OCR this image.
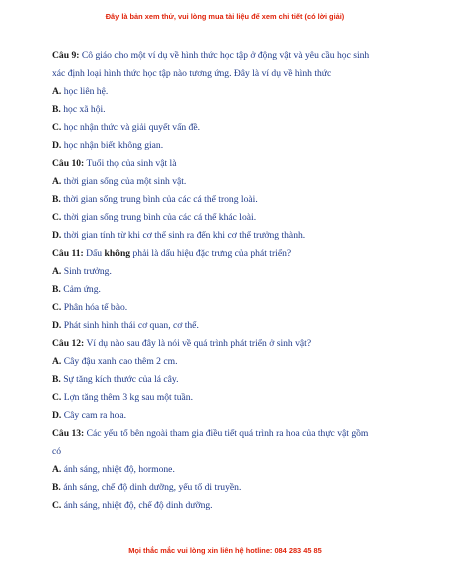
Đây là bản xem thử, vui lòng mua tài liệu để xem chi tiết (có lời giải)
Câu 9: Cô giáo cho một ví dụ về hình thức học tập ở động vật và yêu cầu học sinh
xác định loại hình thức học tập nào tương ứng. Đây là ví dụ về hình thức
A. học liên hệ.
B. học xã hội.
C. học nhận thức và giải quyết vấn đề.
D. học nhận biết không gian.
Câu 10: Tuổi thọ của sinh vật là
A. thời gian sống của một sinh vật.
B. thời gian sống trung bình của các cá thể trong loài.
C. thời gian sống trung bình của các cá thể khác loài.
D. thời gian tính từ khi cơ thể sinh ra đến khi cơ thể trưởng thành.
Câu 11: Dấu không phải là dấu hiệu đặc trưng của phát triển?
A. Sinh trưởng.
B. Cảm ứng.
C. Phân hóa tế bào.
D. Phát sinh hình thái cơ quan, cơ thể.
Câu 12: Ví dụ nào sau đây là nói về quá trình phát triển ở sinh vật?
A. Cây đậu xanh cao thêm 2 cm.
B. Sự tăng kích thước của lá cây.
C. Lợn tăng thêm 3 kg sau một tuần.
D. Cây cam ra hoa.
Câu 13: Các yếu tố bên ngoài tham gia điều tiết quá trình ra hoa của thực vật gồm
có
A. ánh sáng, nhiệt độ, hormone.
B. ánh sáng, chế độ dinh dưỡng, yếu tố di truyền.
C. ánh sáng, nhiệt độ, chế độ dinh dưỡng.
Mọi thắc mắc vui lòng xin liên hệ hotline: 084 283 45 85
